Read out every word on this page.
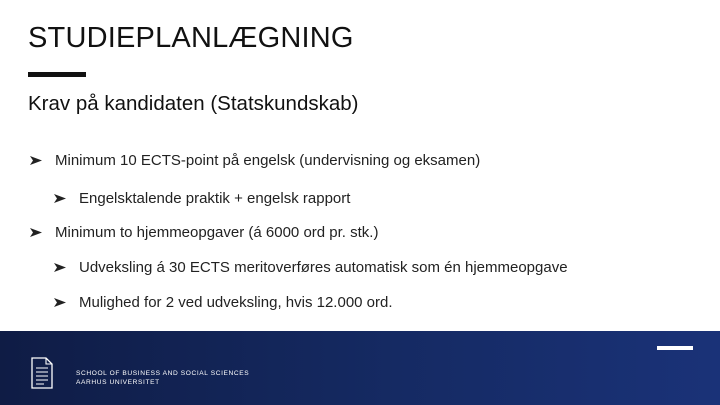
STUDIEPLANLÆGNING
Krav på kandidaten (Statskundskab)
Minimum 10 ECTS-point på engelsk (undervisning og eksamen)
Engelsktalende praktik + engelsk rapport
Minimum to hjemmeopgaver (á 6000 ord pr. stk.)
Udveksling á 30 ECTS meritoverføres automatisk som én hjemmeopgave
Mulighed for 2 ved udveksling, hvis 12.000 ord.
SCHOOL OF BUSINESS AND SOCIAL SCIENCES
AARHUS UNIVERSITET
